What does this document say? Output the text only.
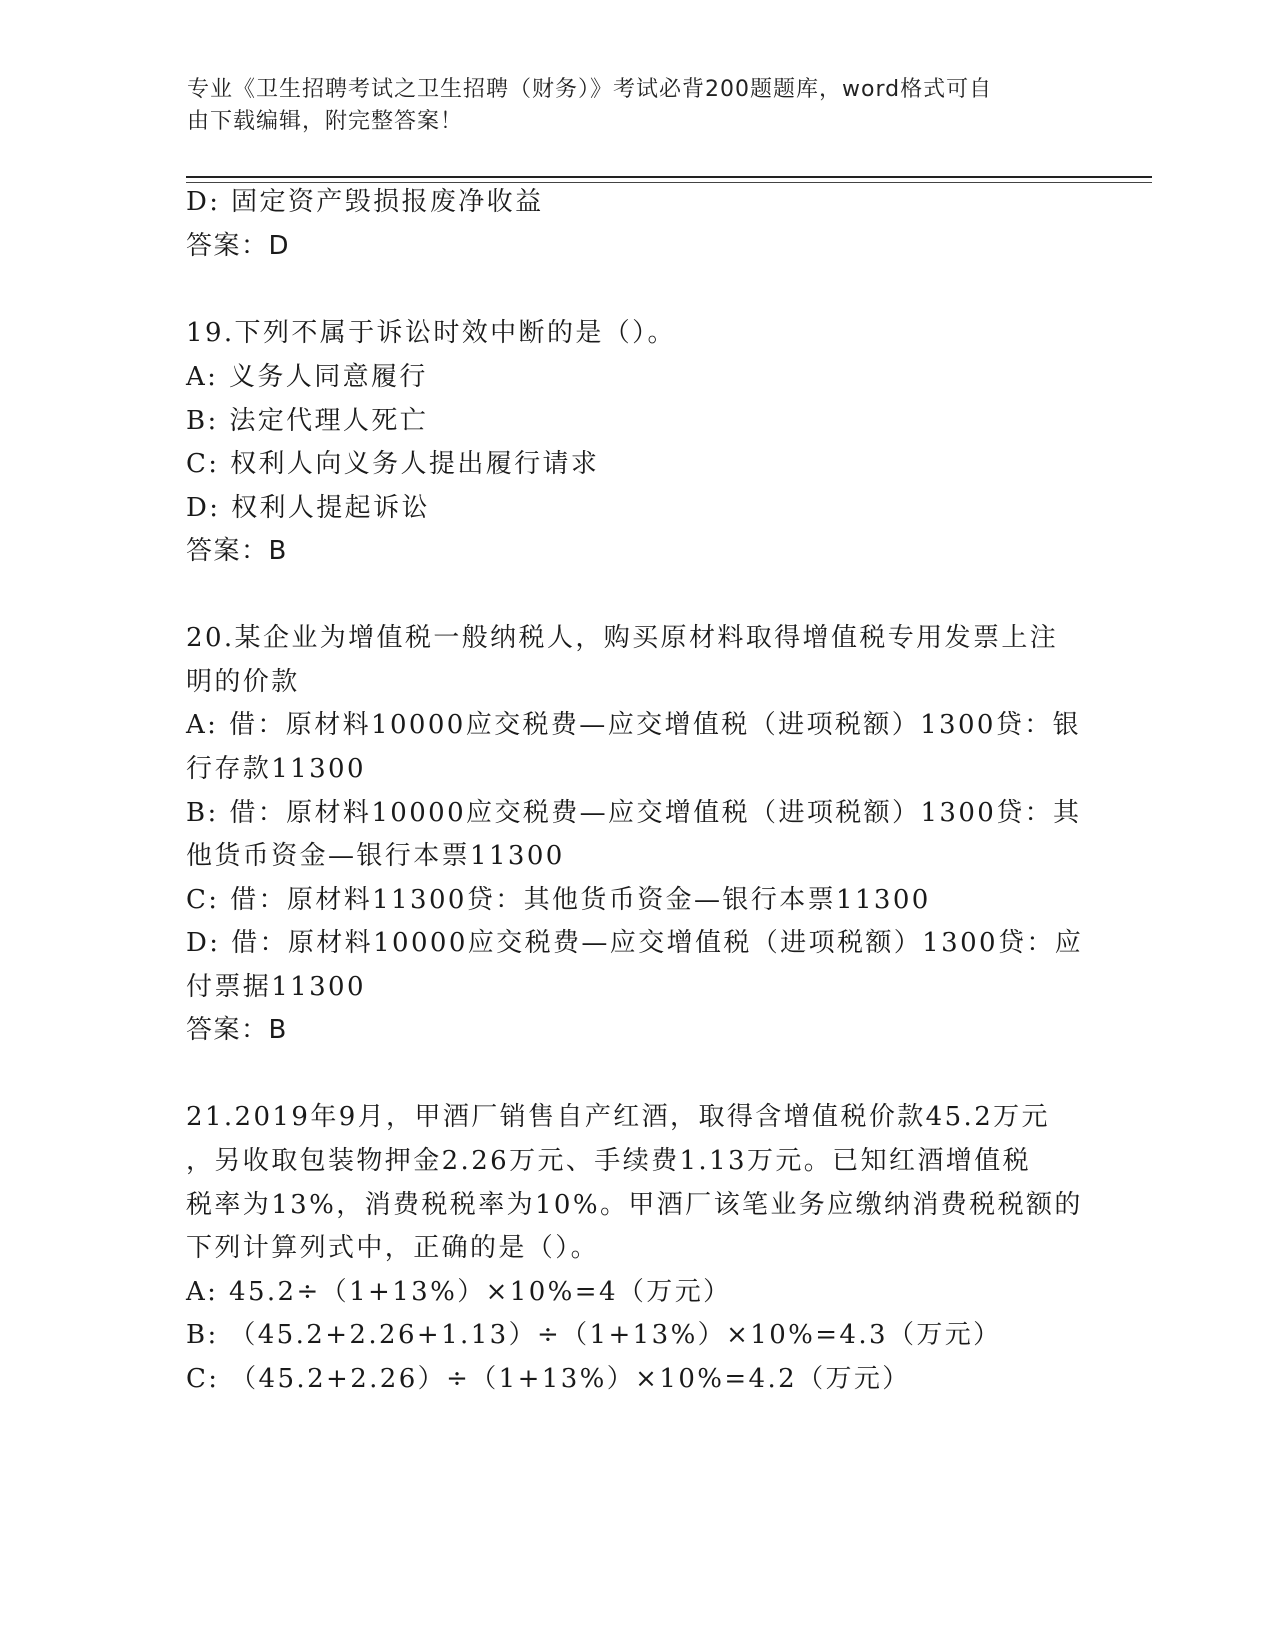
专业《卫生招聘考试之卫生招聘（财务）》考试必背200题题库，word格式可自
由下载编辑，附完整答案！
D: 固定资产毁损报废净收益
答案：D
19.下列不属于诉讼时效中断的是（）。
A: 义务人同意履行
B: 法定代理人死亡
C: 权利人向义务人提出履行请求
D: 权利人提起诉讼
答案：B
20.某企业为增值税一般纳税人，购买原材料取得增值税专用发票上注
明的价款
A: 借：原材料10000应交税费—应交增值税（进项税额）1300贷：银
行存款11300
B: 借：原材料10000应交税费—应交增值税（进项税额）1300贷：其
他货币资金—银行本票11300
C: 借：原材料11300贷：其他货币资金—银行本票11300
D: 借：原材料10000应交税费—应交增值税（进项税额）1300贷：应
付票据11300
答案：B
21.2019年9月，甲酒厂销售自产红酒，取得含增值税价款45.2万元
，另收取包装物押金2.26万元、手续费1.13万元。已知红酒增值税
税率为13%，消费税税率为10%。甲酒厂该笔业务应缴纳消费税税额的
下列计算列式中，正确的是（）。
A: 45.2÷（1+13%）×10%=4（万元）
B: （45.2+2.26+1.13）÷（1+13%）×10%=4.3（万元）
C: （45.2+2.26）÷（1+13%）×10%=4.2（万元）
